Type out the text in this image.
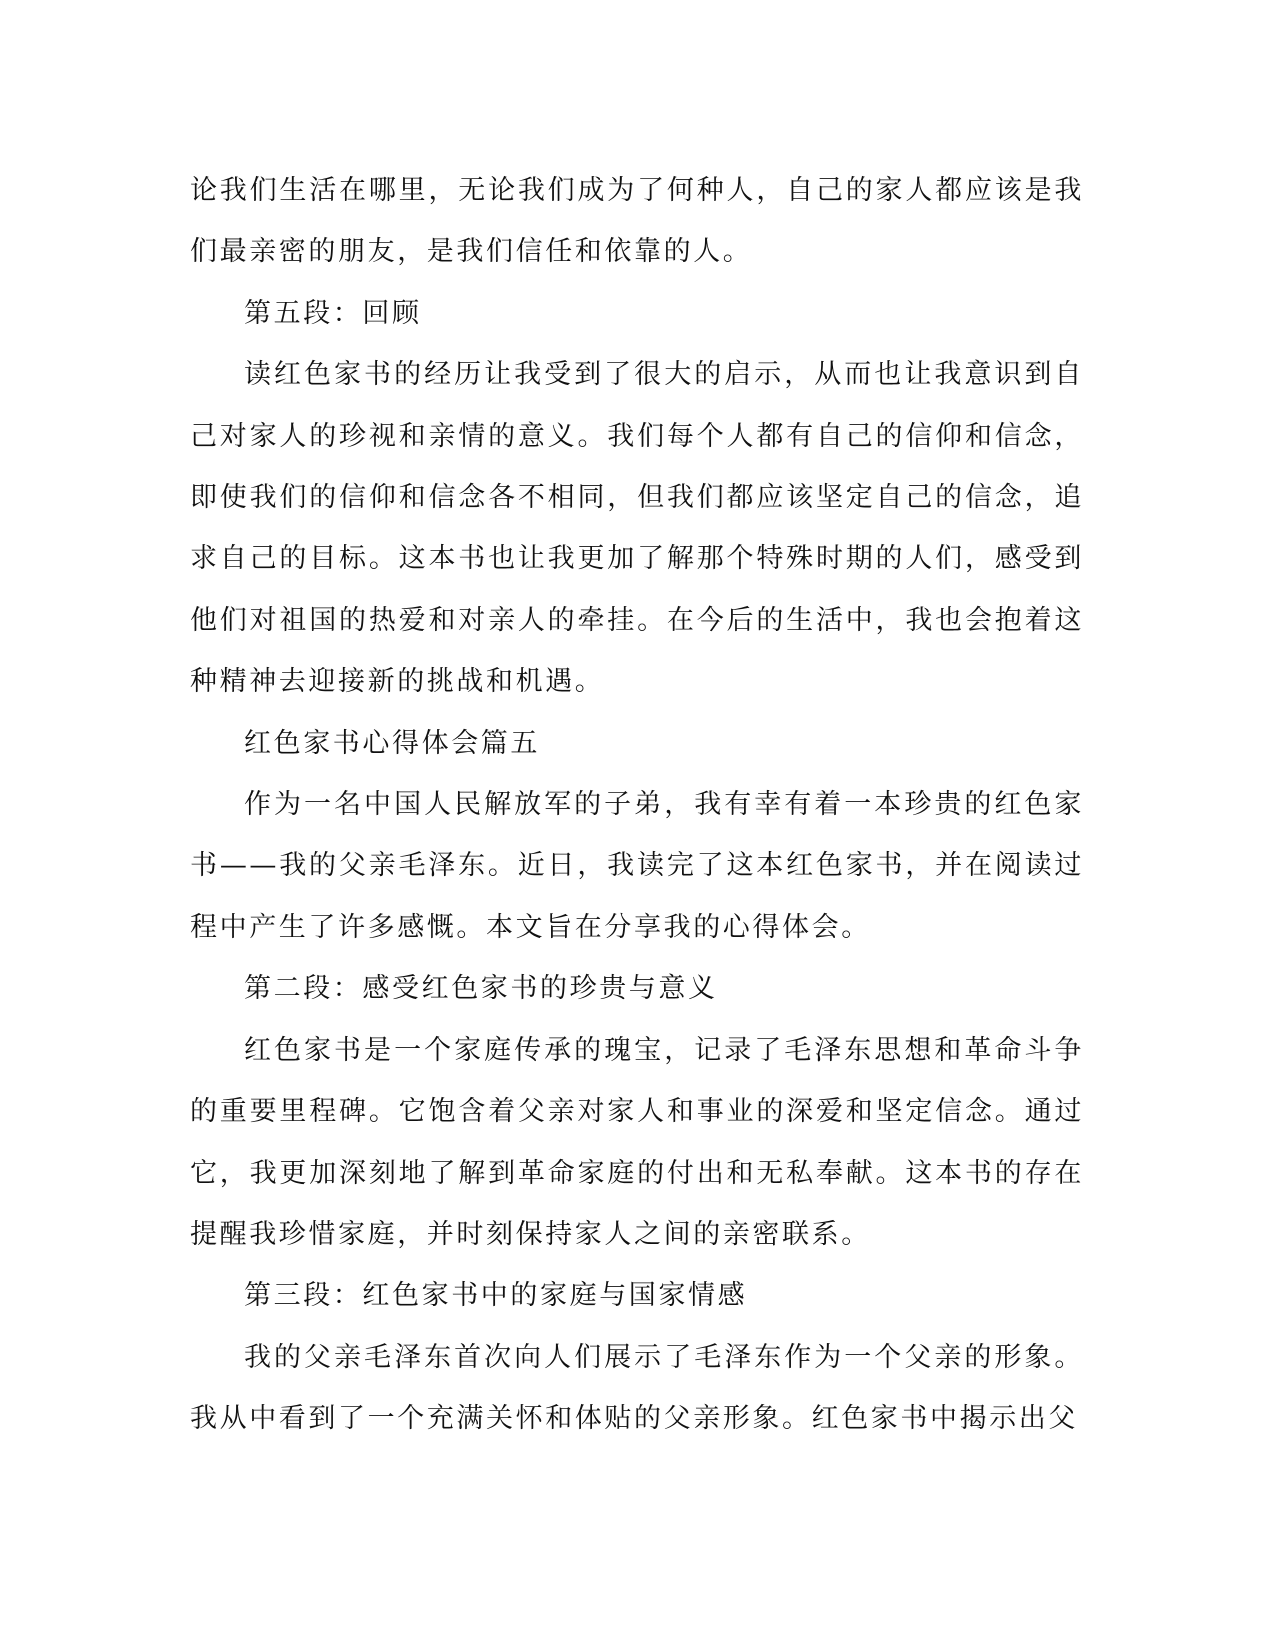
论我们生活在哪里，无论我们成为了何种人，自己的家人都应该是我们最亲密的朋友，是我们信任和依靠的人。

第五段：回顾

读红色家书的经历让我受到了很大的启示，从而也让我意识到自己对家人的珍视和亲情的意义。我们每个人都有自己的信仰和信念，即使我们的信仰和信念各不相同，但我们都应该坚定自己的信念，追求自己的目标。这本书也让我更加了解那个特殊时期的人们，感受到他们对祖国的热爱和对亲人的牵挂。在今后的生活中，我也会抱着这种精神去迎接新的挑战和机遇。

红色家书心得体会篇五

作为一名中国人民解放军的子弟，我有幸有着一本珍贵的红色家书——我的父亲毛泽东。近日，我读完了这本红色家书，并在阅读过程中产生了许多感慨。本文旨在分享我的心得体会。

第二段：感受红色家书的珍贵与意义

红色家书是一个家庭传承的瑰宝，记录了毛泽东思想和革命斗争的重要里程碑。它饱含着父亲对家人和事业的深爱和坚定信念。通过它，我更加深刻地了解到革命家庭的付出和无私奉献。这本书的存在提醒我珍惜家庭，并时刻保持家人之间的亲密联系。

第三段：红色家书中的家庭与国家情感

我的父亲毛泽东首次向人们展示了毛泽东作为一个父亲的形象。我从中看到了一个充满关怀和体贴的父亲形象。红色家书中揭示出父
